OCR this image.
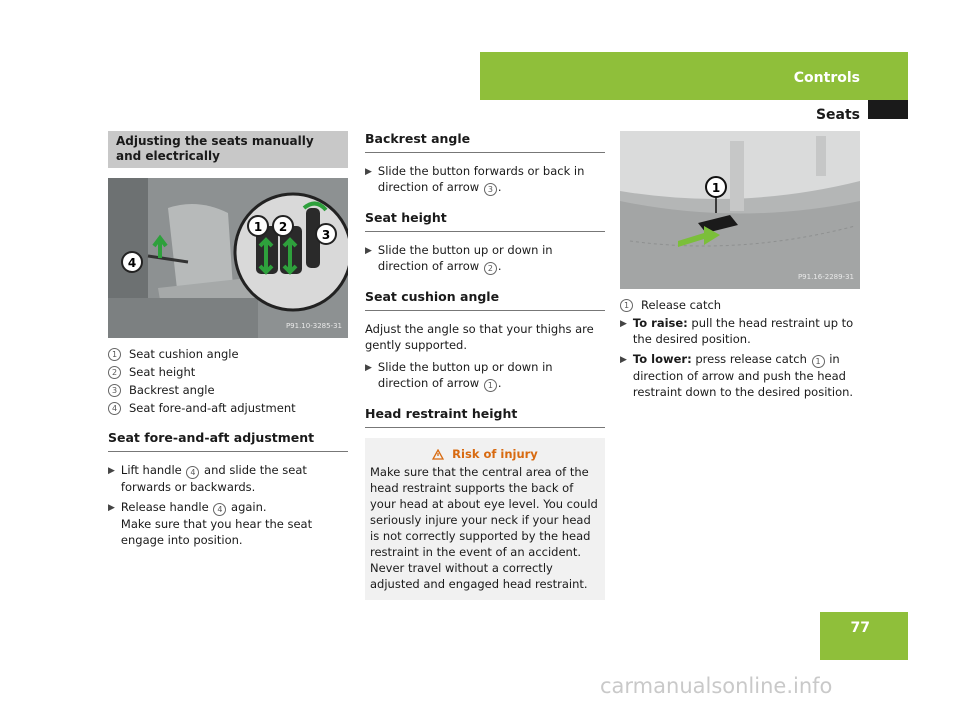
Controls
Seats
Adjusting the seats manually and electrically
1 2
3
4
P91.10-3285-31
1	Seat cushion angle
2	Seat height
3	Backrest angle
4	Seat fore-and-aft adjustment
Seat fore-and-aft adjustment
▶ Lift handle 4 and slide the seat forwards or backwards.
▶ Release handle 4 again.
Make sure that you hear the seat engage into position.
Backrest angle
▶ Slide the button forwards or back in direction of arrow 3 .
Seat height
▶ Slide the button up or down in direction of arrow 2 .
Seat cushion angle

Adjust the angle so that your thighs are gently supported.

▶ Slide the button up or down in direction of arrow 1 .
Head restraint height
Risk of injury
Make sure that the central area of the head restraint supports the back of your head at about eye level. You could seriously injure your neck if your head is not correctly supported by the head restraint in the event of an accident. Never travel without a correctly adjusted and engaged head restraint.
1
P91.16-2289-31
1	Release catch
▶ To raise: pull the head restraint up to the desired position.
▶ To lower: press release catch 1 in direction of arrow and push the head restraint down to the desired position.
77
carmanualsonline.info
